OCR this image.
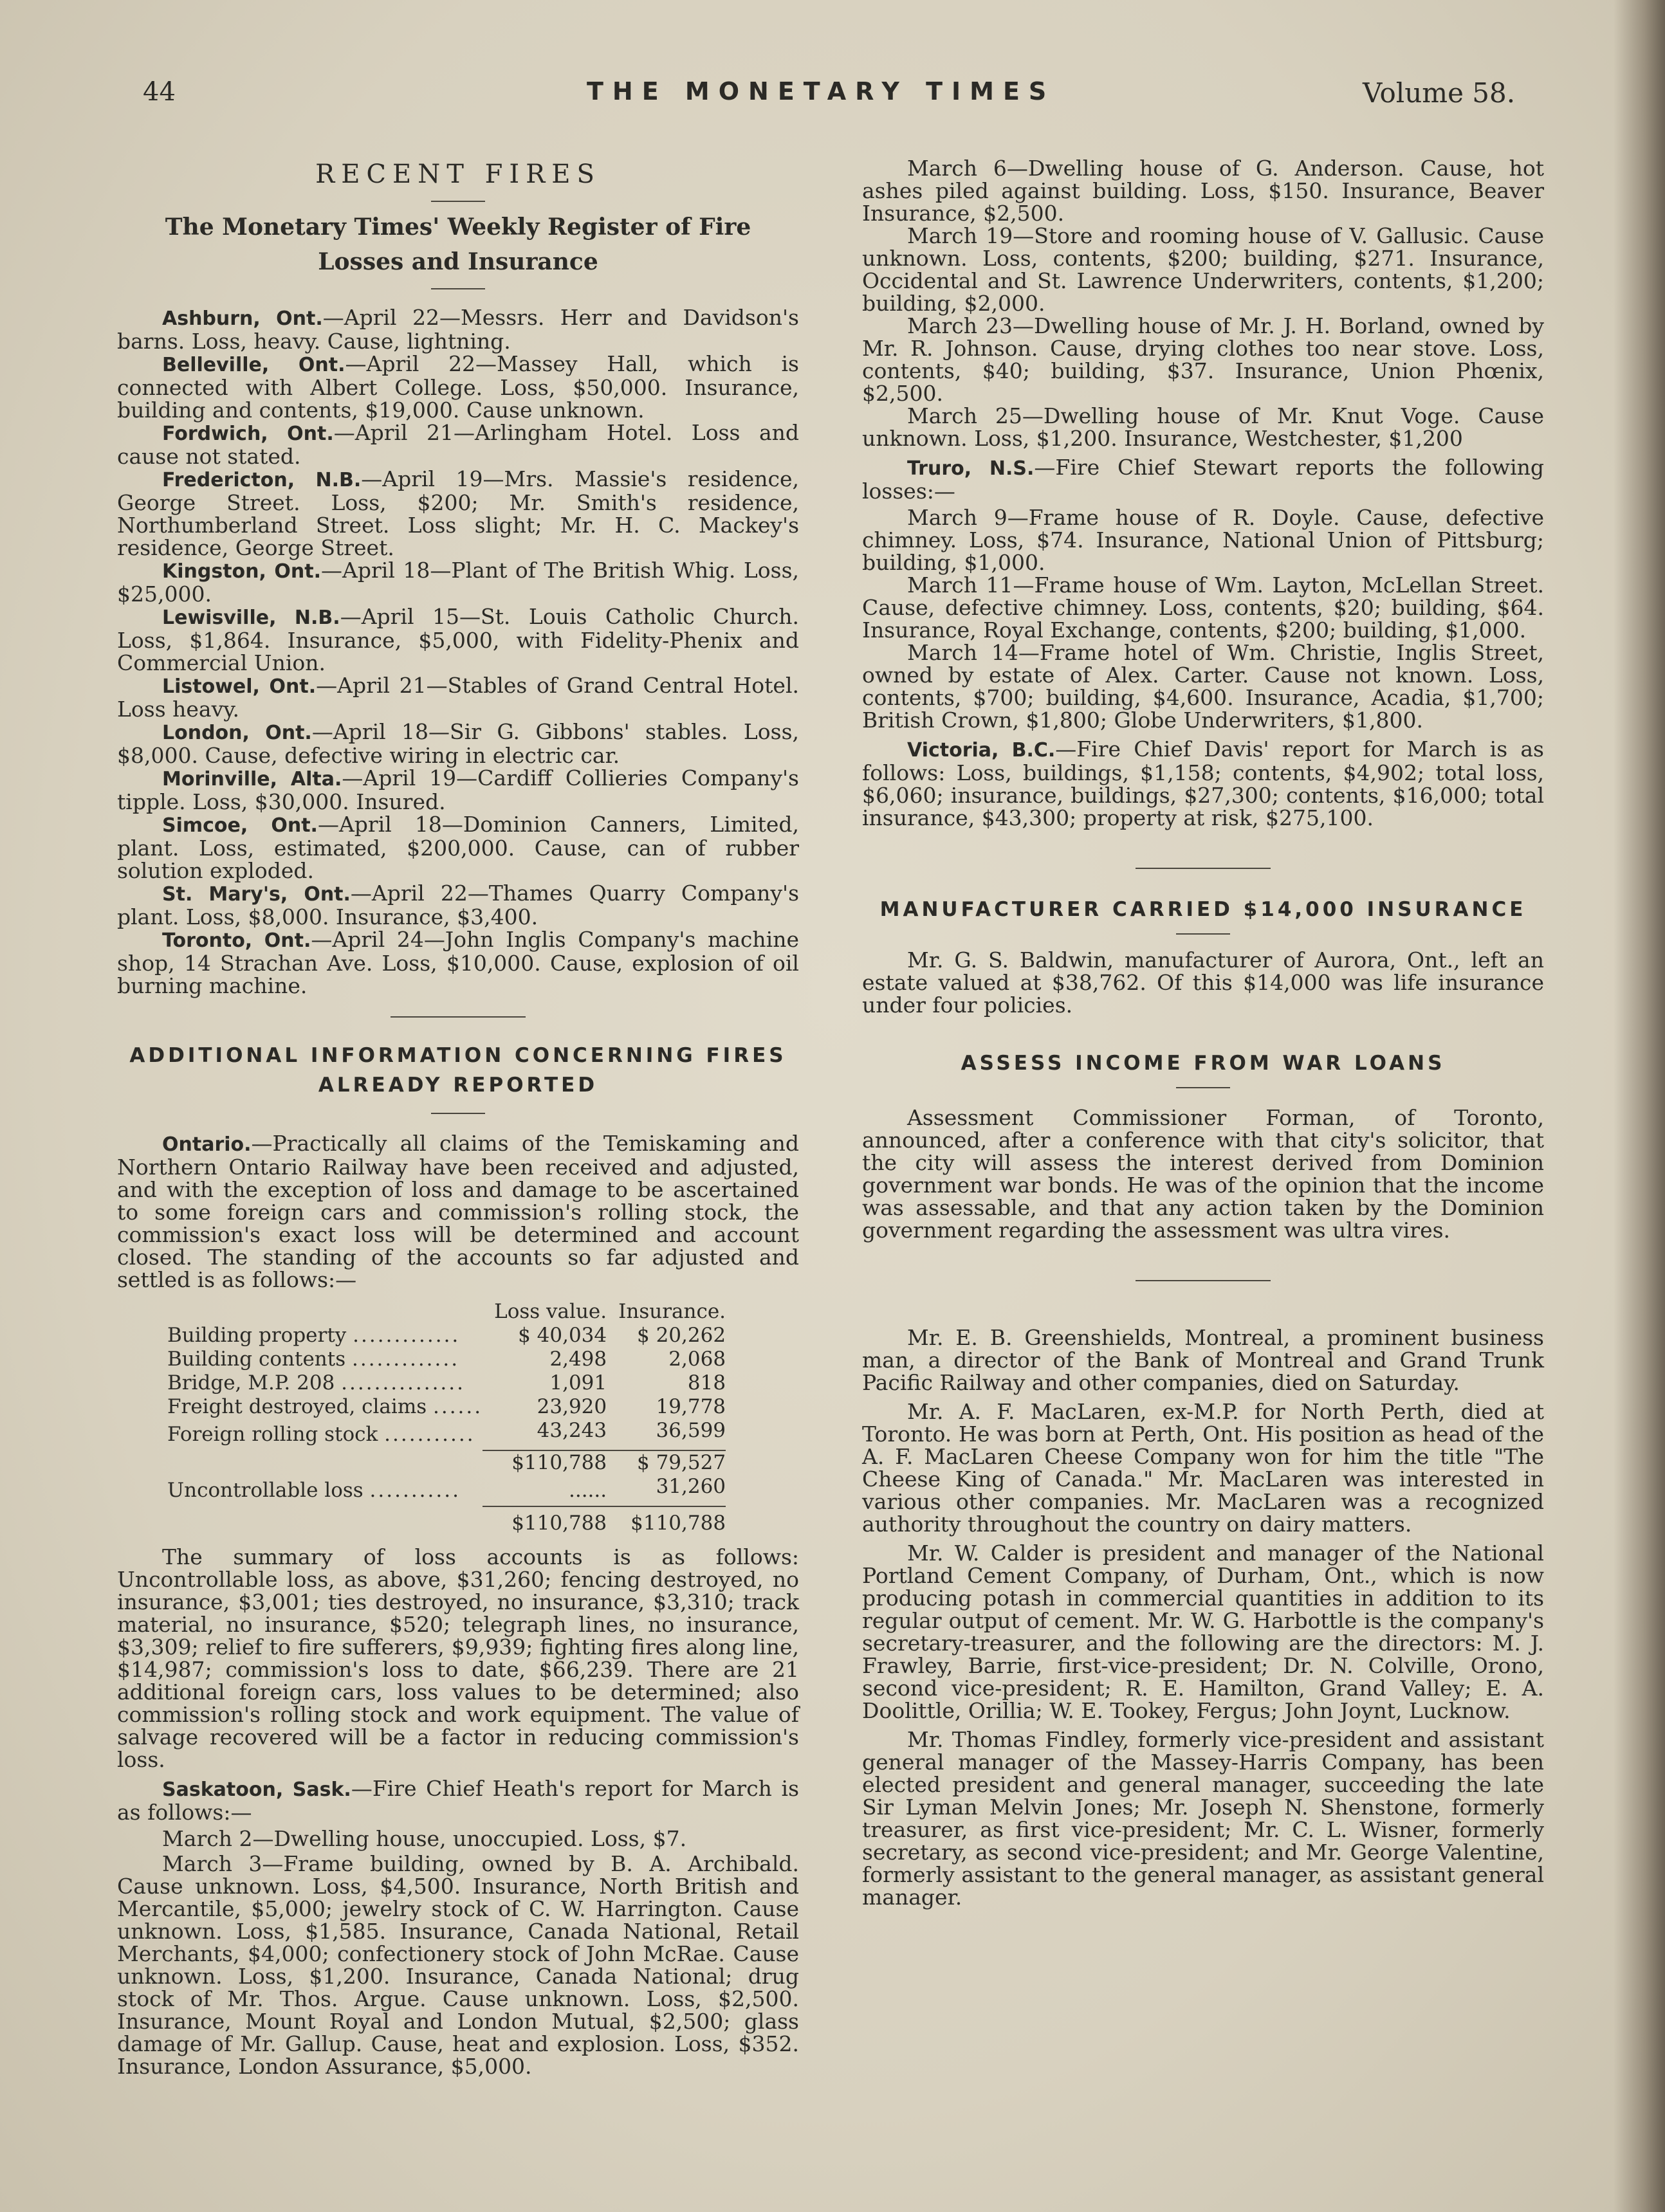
44	THE MONETARY TIMES	Volume 58.
RECENT FIRES
The Monetary Times' Weekly Register of Fire Losses and Insurance

Ashburn, Ont.—April 22—Messrs. Herr and Davidson's barns. Loss, heavy. Cause, lightning.

Belleville, Ont.—April 22—Massey Hall, which is connected with Albert College. Loss, $50,000. Insurance, building and contents, $19,000. Cause unknown.

Fordwich, Ont.—April 21—Arlingham Hotel. Loss and cause not stated.

Fredericton, N.B.—April 19—Mrs. Massie's residence, George Street. Loss, $200; Mr. Smith's residence, Northumberland Street. Loss slight; Mr. H. C. Mackey's residence, George Street.

Kingston, Ont.—April 18—Plant of The British Whig. Loss, $25,000.

Lewisville, N.B.—April 15—St. Louis Catholic Church. Loss, $1,864. Insurance, $5,000, with Fidelity-Phenix and Commercial Union.

Listowel, Ont.—April 21—Stables of Grand Central Hotel. Loss heavy.

London, Ont.—April 18—Sir G. Gibbons' stables. Loss, $8,000. Cause, defective wiring in electric car.

Morinville, Alta.—April 19—Cardiff Collieries Company's tipple. Loss, $30,000. Insured.

Simcoe, Ont.—April 18—Dominion Canners, Limited, plant. Loss, estimated, $200,000. Cause, can of rubber solution exploded.

St. Mary's, Ont.—April 22—Thames Quarry Company's plant. Loss, $8,000. Insurance, $3,400.

Toronto, Ont.—April 24—John Inglis Company's machine shop, 14 Strachan Ave. Loss, $10,000. Cause, explosion of oil burning machine.

ADDITIONAL INFORMATION CONCERNING FIRES
ALREADY REPORTED

Ontario.—Practically all claims of the Temiskaming and Northern Ontario Railway have been received and adjusted, and with the exception of loss and damage to be ascertained to some foreign cars and commission's rolling stock, the commission's exact loss will be determined and account closed. The standing of the accounts so far adjusted and settled is as follows:—

	Loss value.	Insurance.
Building property .............	$ 40,034	$ 20,262
Building contents .............	2,498	2,068
Bridge, M.P. 208 ...............	1,091	818
Freight destroyed, claims ......	23,920	19,778
Foreign rolling stock ...........	43,243	36,599
	$110,788	$ 79,527
Uncontrollable loss ...........	......	31,260
	$110,788	$110,788

The summary of loss accounts is as follows: Uncontrollable loss, as above, $31,260; fencing destroyed, no insurance, $3,001; ties destroyed, no insurance, $3,310; track material, no insurance, $520; telegraph lines, no insurance, $3,309; relief to fire sufferers, $9,939; fighting fires along line, $14,987; commission's loss to date, $66,239. There are 21 additional foreign cars, loss values to be determined; also commission's rolling stock and work equipment. The value of salvage recovered will be a factor in reducing commission's loss.

Saskatoon, Sask.—Fire Chief Heath's report for March is as follows:—

March 2—Dwelling house, unoccupied. Loss, $7.

March 3—Frame building, owned by B. A. Archibald. Cause unknown. Loss, $4,500. Insurance, North British and Mercantile, $5,000; jewelry stock of C. W. Harrington. Cause unknown. Loss, $1,585. Insurance, Canada National, Retail Merchants, $4,000; confectionery stock of John McRae. Cause unknown. Loss, $1,200. Insurance, Canada National; drug stock of Mr. Thos. Argue. Cause unknown. Loss, $2,500. Insurance, Mount Royal and London Mutual, $2,500; glass damage of Mr. Gallup. Cause, heat and explosion. Loss, $352. Insurance, London Assurance, $5,000.

March 6—Dwelling house of G. Anderson. Cause, hot ashes piled against building. Loss, $150. Insurance, Beaver Insurance, $2,500.

March 19—Store and rooming house of V. Gallusic. Cause unknown. Loss, contents, $200; building, $271. Insurance, Occidental and St. Lawrence Underwriters, contents, $1,200; building, $2,000.

March 23—Dwelling house of Mr. J. H. Borland, owned by Mr. R. Johnson. Cause, drying clothes too near stove. Loss, contents, $40; building, $37. Insurance, Union Phœnix, $2,500.

March 25—Dwelling house of Mr. Knut Voge. Cause unknown. Loss, $1,200. Insurance, Westchester, $1,200

Truro, N.S.—Fire Chief Stewart reports the following losses:—

March 9—Frame house of R. Doyle. Cause, defective chimney. Loss, $74. Insurance, National Union of Pittsburg; building, $1,000.

March 11—Frame house of Wm. Layton, McLellan Street. Cause, defective chimney. Loss, contents, $20; building, $64. Insurance, Royal Exchange, contents, $200; building, $1,000.

March 14—Frame hotel of Wm. Christie, Inglis Street, owned by estate of Alex. Carter. Cause not known. Loss, contents, $700; building, $4,600. Insurance, Acadia, $1,700; British Crown, $1,800; Globe Underwriters, $1,800.

Victoria, B.C.—Fire Chief Davis' report for March is as follows: Loss, buildings, $1,158; contents, $4,902; total loss, $6,060; insurance, buildings, $27,300; contents, $16,000; total insurance, $43,300; property at risk, $275,100.

MANUFACTURER CARRIED $14,000 INSURANCE

Mr. G. S. Baldwin, manufacturer of Aurora, Ont., left an estate valued at $38,762. Of this $14,000 was life insurance under four policies.

ASSESS INCOME FROM WAR LOANS

Assessment Commissioner Forman, of Toronto, announced, after a conference with that city's solicitor, that the city will assess the interest derived from Dominion government war bonds. He was of the opinion that the income was assessable, and that any action taken by the Dominion government regarding the assessment was ultra vires.

Mr. E. B. Greenshields, Montreal, a prominent business man, a director of the Bank of Montreal and Grand Trunk Pacific Railway and other companies, died on Saturday.

Mr. A. F. MacLaren, ex-M.P. for North Perth, died at Toronto. He was born at Perth, Ont. His position as head of the A. F. MacLaren Cheese Company won for him the title "The Cheese King of Canada." Mr. MacLaren was interested in various other companies. Mr. MacLaren was a recognized authority throughout the country on dairy matters.

Mr. W. Calder is president and manager of the National Portland Cement Company, of Durham, Ont., which is now producing potash in commercial quantities in addition to its regular output of cement. Mr. W. G. Harbottle is the company's secretary-treasurer, and the following are the directors: M. J. Frawley, Barrie, first-vice-president; Dr. N. Colville, Orono, second vice-president; R. E. Hamilton, Grand Valley; E. A. Doolittle, Orillia; W. E. Tookey, Fergus; John Joynt, Lucknow.

Mr. Thomas Findley, formerly vice-president and assistant general manager of the Massey-Harris Company, has been elected president and general manager, succeeding the late Sir Lyman Melvin Jones; Mr. Joseph N. Shenstone, formerly treasurer, as first vice-president; Mr. C. L. Wisner, formerly secretary, as second vice-president; and Mr. George Valentine, formerly assistant to the general manager, as assistant general manager.
